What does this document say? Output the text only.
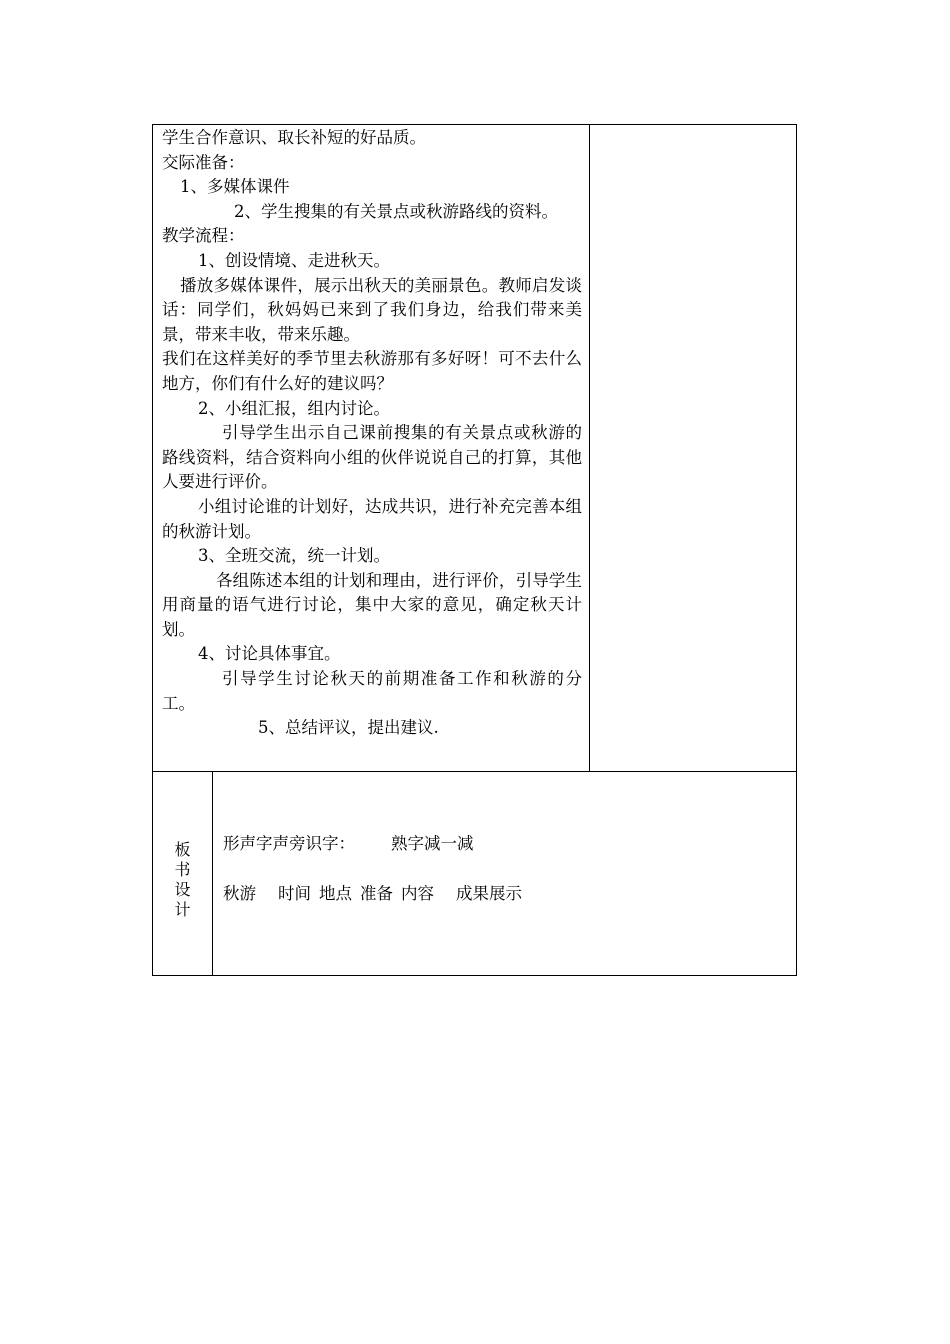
学生合作意识、取长补短的好品质。
交际准备：
1、多媒体课件
2、学生搜集的有关景点或秋游路线的资料。
教学流程：
1、创设情境、走进秋天。
播放多媒体课件，展示出秋天的美丽景色。教师启发谈话：同学们，秋妈妈已来到了我们身边，给我们带来美景，带来丰收，带来乐趣。
我们在这样美好的季节里去秋游那有多好呀！可不去什么地方，你们有什么好的建议吗？
2、小组汇报，组内讨论。
引导学生出示自己课前搜集的有关景点或秋游的路线资料，结合资料向小组的伙伴说说自己的打算，其他人要进行评价。
小组讨论谁的计划好，达成共识，进行补充完善本组的秋游计划。
3、全班交流，统一计划。
各组陈述本组的计划和理由，进行评价，引导学生用商量的语气进行讨论，集中大家的意见，确定秋天计划。
4、讨论具体事宜。
引导学生讨论秋天的前期准备工作和秋游的分工。
5、总结评议，提出建议.
板
书
设
计
形声字声旁识字： 熟字减一减
秋游 时间 地点 准备 内容 成果展示
